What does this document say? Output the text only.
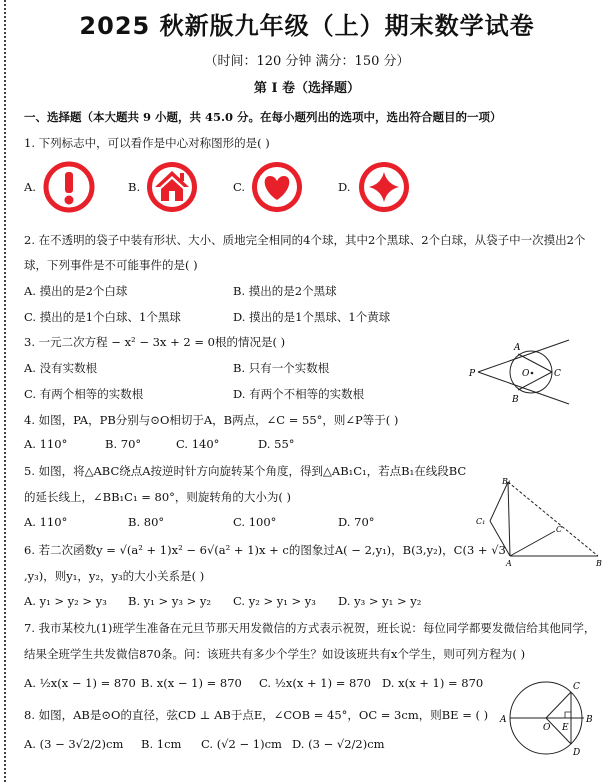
2025 秋新版九年级（上）期末数学试卷
（时间：120 分钟 满分：150 分）
第 I 卷（选择题）
一、选择题（本大题共 9 小题，共 45.0 分。在每小题列出的选项中，选出符合题目的一项）
1. 下列标志中，可以看作是中心对称图形的是( )
A.	B.	C.	D.
2. 在不透明的袋子中装有形状、大小、质地完全相同的4个球，其中2个黑球、2个白球，从袋子中一次摸出2个
球，下列事件是不可能事件的是( )
A. 摸出的是2个白球	B. 摸出的是2个黑球
C. 摸出的是1个白球、1个黑球	D. 摸出的是1个黑球、1个黄球
3. 一元二次方程 − x² − 3x + 2 = 0根的情况是( )
A. 没有实数根	B. 只有一个实数根
C. 有两个相等的实数根	D. 有两个不相等的实数根
P
A
O	C
B
4. 如图，PA，PB分别与⊙O相切于A，B两点，∠C = 55°，则∠P等于( )
A. 110°	B. 70°	C. 140°	D. 55°
5. 如图，将△ABC绕点A按逆时针方向旋转某个角度，得到△AB₁C₁，若点B₁在线段BC
的延长线上，∠BB₁C₁ = 80°，则旋转角的大小为( )
A. 110°	B. 80°	C. 100°	D. 70°
B₁
C₁
C
A	B
6. 若二次函数y = √(a² + 1)x² − 6√(a² + 1)x + c的图象过A( − 2,y₁)，B(3,y₂)，C(3 + √3
,y₃)，则y₁，y₂，y₃的大小关系是( )
A. y₁ > y₂ > y₃ B. y₁ > y₃ > y₂ C. y₂ > y₁ > y₃ D. y₃ > y₁ > y₂
7. 我市某校九(1)班学生准备在元旦节那天用发微信的方式表示祝贺，班长说：每位同学都要发微信给其他同学，
结果全班学生共发微信870条。问：该班共有多少个学生？如设该班共有x个学生，则可列方程为( )
A. ½x(x − 1) = 870 B. x(x − 1) = 870 C. ½x(x + 1) = 870 D. x(x + 1) = 870
A
O E
B
C
D
8. 如图，AB是⊙O的直径，弦CD ⊥ AB于点E，∠COB = 45°，OC = 3cm，则BE = ( )
A. (3 − 3√2/2)cm B. 1cm C. (√2 − 1)cm D. (3 − √2/2)cm
